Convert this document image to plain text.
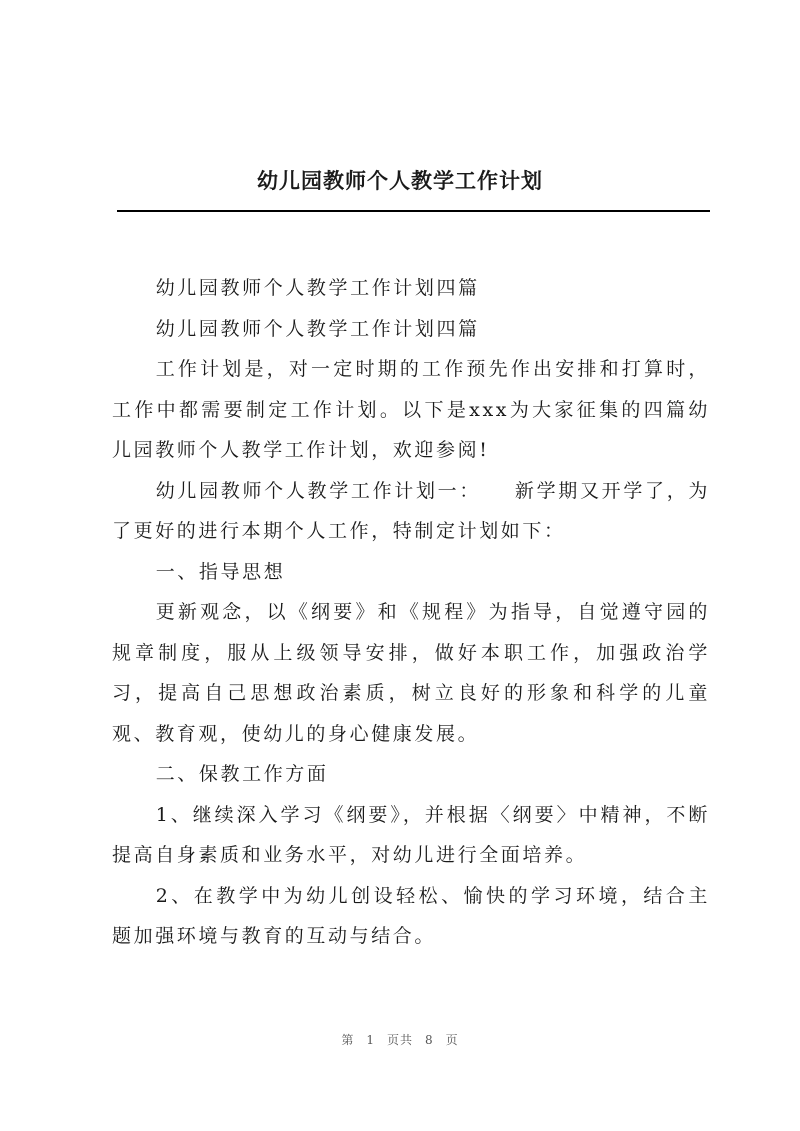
幼儿园教师个人教学工作计划

幼儿园教师个人教学工作计划四篇

幼儿园教师个人教学工作计划四篇

工作计划是，对一定时期的工作预先作出安排和打算时，工作中都需要制定工作计划。以下是xxx为大家征集的四篇幼儿园教师个人教学工作计划，欢迎参阅!

幼儿园教师个人教学工作计划一：　　新学期又开学了，为了更好的进行本期个人工作，特制定计划如下：

一、指导思想

更新观念，以《纲要》和《规程》为指导，自觉遵守园的规章制度，服从上级领导安排，做好本职工作，加强政治学习，提高自己思想政治素质，树立良好的形象和科学的儿童观、教育观，使幼儿的身心健康发展。

二、保教工作方面

1、继续深入学习《纲要》，并根据〈纲要〉中精神，不断提高自身素质和业务水平，对幼儿进行全面培养。

2、在教学中为幼儿创设轻松、愉快的学习环境，结合主题加强环境与教育的互动与结合。

第 1 页共 8 页
